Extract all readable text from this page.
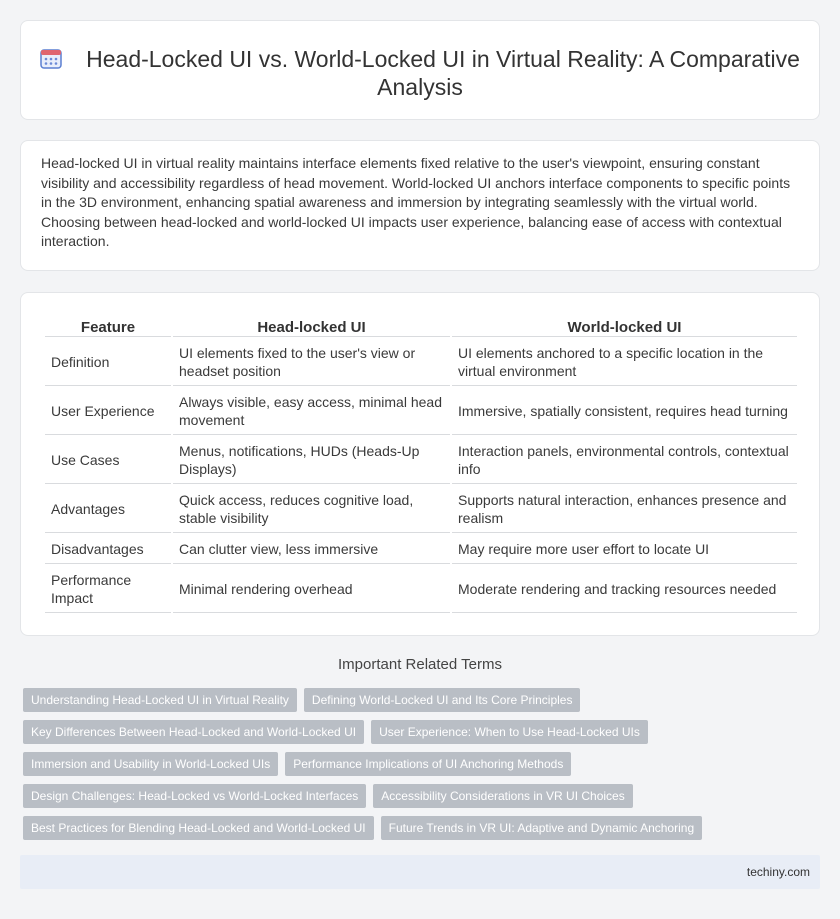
Head-Locked UI vs. World-Locked UI in Virtual Reality: A Comparative Analysis

Head-locked UI in virtual reality maintains interface elements fixed relative to the user's viewpoint, ensuring constant visibility and accessibility regardless of head movement. World-locked UI anchors interface components to specific points in the 3D environment, enhancing spatial awareness and immersion by integrating seamlessly with the virtual world. Choosing between head-locked and world-locked UI impacts user experience, balancing ease of access with contextual interaction.

Feature	Head-locked UI	World-locked UI
Definition	UI elements fixed to the user's view or headset position	UI elements anchored to a specific location in the virtual environment
User Experience	Always visible, easy access, minimal head movement	Immersive, spatially consistent, requires head turning
Use Cases	Menus, notifications, HUDs (Heads-Up Displays)	Interaction panels, environmental controls, contextual info
Advantages	Quick access, reduces cognitive load, stable visibility	Supports natural interaction, enhances presence and realism
Disadvantages	Can clutter view, less immersive	May require more user effort to locate UI
Performance Impact	Minimal rendering overhead	Moderate rendering and tracking resources needed
Important Related Terms
Understanding Head-Locked UI in Virtual Reality Defining World-Locked UI and Its Core Principles
Key Differences Between Head-Locked and World-Locked UI User Experience: When to Use Head-Locked UIs
Immersion and Usability in World-Locked UIs Performance Implications of UI Anchoring Methods
Design Challenges: Head-Locked vs World-Locked Interfaces Accessibility Considerations in VR UI Choices
Best Practices for Blending Head-Locked and World-Locked UI Future Trends in VR UI: Adaptive and Dynamic Anchoring
techiny.com
